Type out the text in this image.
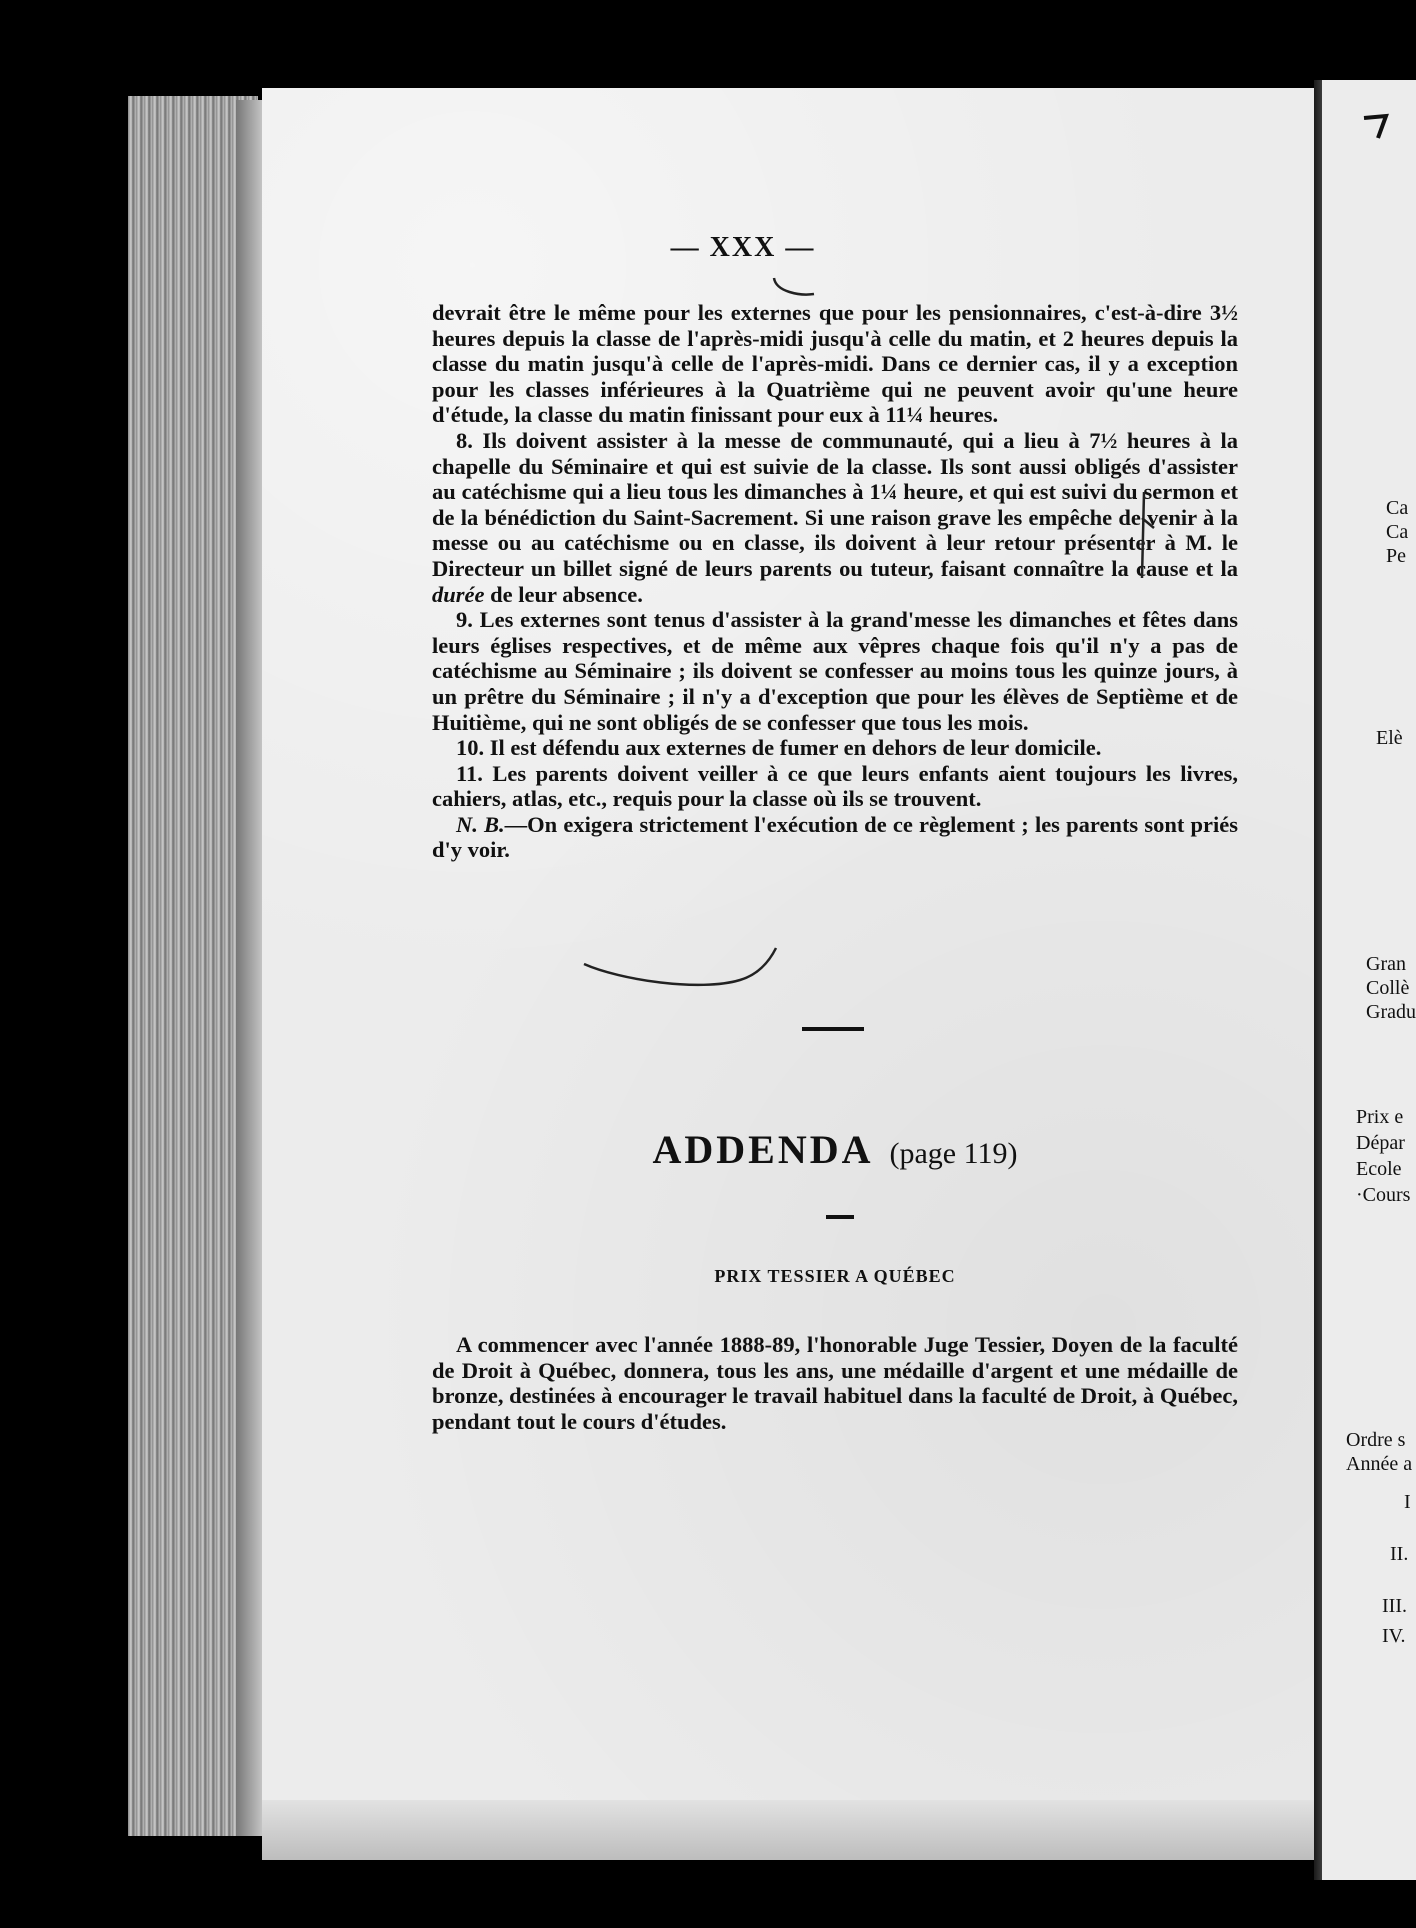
— XXX —

devrait être le même pour les externes que pour les pensionnaires, c'est-à-dire 3½ heures depuis la classe de l'après-midi jusqu'à celle du matin, et 2 heures depuis la classe du matin jusqu'à celle de l'après-midi. Dans ce dernier cas, il y a exception pour les classes inférieures à la Quatrième qui ne peuvent avoir qu'une heure d'étude, la classe du matin finissant pour eux à 11¼ heures.

8. Ils doivent assister à la messe de communauté, qui a lieu à 7½ heures à la chapelle du Séminaire et qui est suivie de la classe. Ils sont aussi obligés d'assister au catéchisme qui a lieu tous les dimanches à 1¼ heure, et qui est suivi du sermon et de la bénédiction du Saint-Sacrement. Si une raison grave les empêche de venir à la messe ou au catéchisme ou en classe, ils doivent à leur retour présenter à M. le Directeur un billet signé de leurs parents ou tuteur, faisant connaître la cause et la durée de leur absence.

9. Les externes sont tenus d'assister à la grand'messe les dimanches et fêtes dans leurs églises respectives, et de même aux vêpres chaque fois qu'il n'y a pas de catéchisme au Séminaire ; ils doivent se confesser au moins tous les quinze jours, à un prêtre du Séminaire ; il n'y a d'exception que pour les élèves de Septième et de Huitième, qui ne sont obligés de se confesser que tous les mois.

10. Il est défendu aux externes de fumer en dehors de leur domicile.

11. Les parents doivent veiller à ce que leurs enfants aient toujours les livres, cahiers, atlas, etc., requis pour la classe où ils se trouvent.

N. B.—On exigera strictement l'exécution de ce règlement ; les parents sont priés d'y voir.

ADDENDA (page 119)
PRIX TESSIER A QUÉBEC

A commencer avec l'année 1888-89, l'honorable Juge Tessier, Doyen de la faculté de Droit à Québec, donnera, tous les ans, une médaille d'argent et une médaille de bronze, destinées à encourager le travail habituel dans la faculté de Droit, à Québec, pendant tout le cours d'études.

Ca
Ca
Pe
Elè
Gran
Collè
Gradu
Prix e
Dépar
Ecole
·Cours
Ordre s
Année a
I
II.
III.
IV.
